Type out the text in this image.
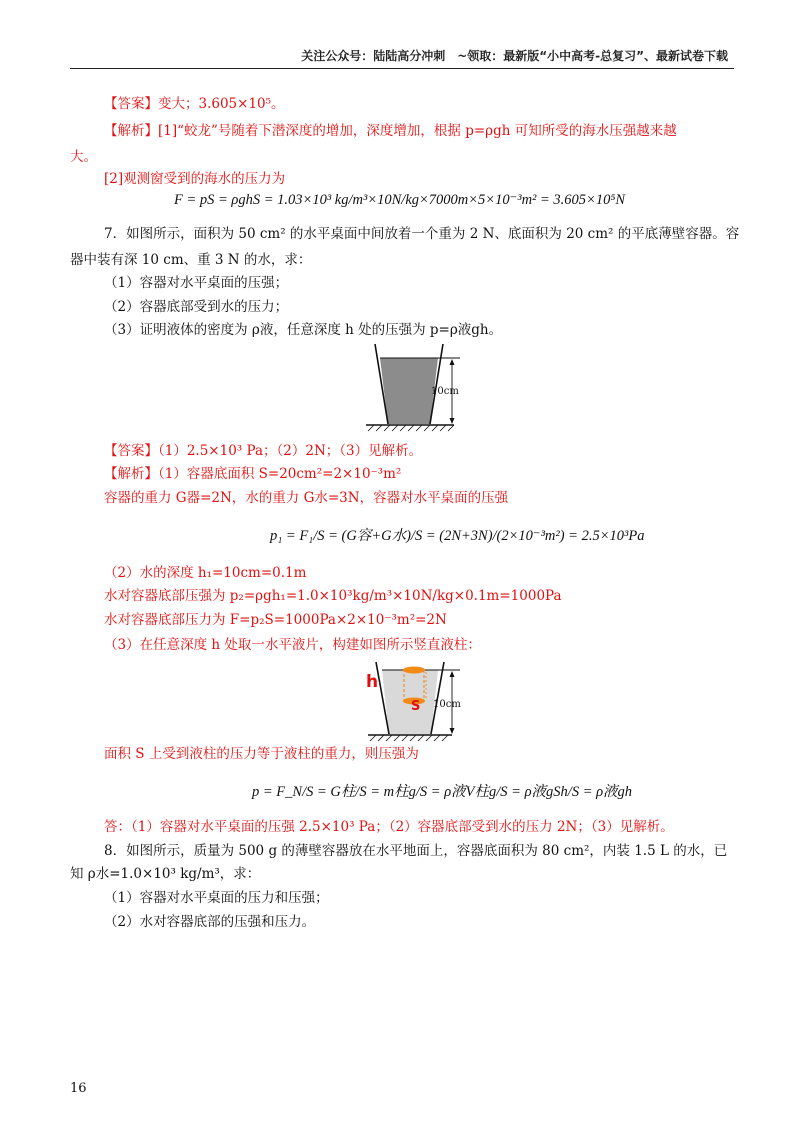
关注公众号：陆陆高分冲刺　~领取：最新版“小中高考-总复习”、最新试卷下载
【答案】变大；3.605×10⁵。
【解析】[1]“蛟龙”号随着下潜深度的增加，深度增加，根据 p=ρgh 可知所受的海水压强越来越
大。
[2]观测窗受到的海水的压力为
F = pS = ρghS = 1.03×10³ kg/m³×10N/kg×7000m×5×10⁻³m² = 3.605×10⁵N
7．如图所示，面积为 50 cm² 的水平桌面中间放着一个重为 2 N、底面积为 20 cm² 的平底薄壁容器。容
器中装有深 10 cm、重 3 N 的水，求：
（1）容器对水平桌面的压强；
（2）容器底部受到水的压力；
（3）证明液体的密度为 ρ液，任意深度 h 处的压强为 p=ρ液gh。
10cm
【答案】（1）2.5×10³ Pa；（2）2N；（3）见解析。
【解析】（1）容器底面积 S=20cm²=2×10⁻³m²
容器的重力 G器=2N，水的重力 G水=3N，容器对水平桌面的压强
p₁ = F₁/S = (G容+G水)/S = (2N+3N)/(2×10⁻³m²) = 2.5×10³Pa
（2）水的深度 h₁=10cm=0.1m
水对容器底部压强为 p₂=ρgh₁=1.0×10³kg/m³×10N/kg×0.1m=1000Pa
水对容器底部压力为 F=p₂S=1000Pa×2×10⁻³m²=2N
（3）在任意深度 h 处取一水平液片，构建如图所示竖直液柱：
h
S 10cm
面积 S 上受到液柱的压力等于液柱的重力，则压强为
p = F_N/S = G柱/S = m柱g/S = ρ液V柱g/S = ρ液gSh/S = ρ液gh
答：（1）容器对水平桌面的压强 2.5×10³ Pa；（2）容器底部受到水的压力 2N；（3）见解析。
8．如图所示，质量为 500 g 的薄壁容器放在水平地面上，容器底面积为 80 cm²，内装 1.5 L 的水，已
知 ρ水=1.0×10³ kg/m³，求：
（1）容器对水平桌面的压力和压强；
（2）水对容器底部的压强和压力。
16
